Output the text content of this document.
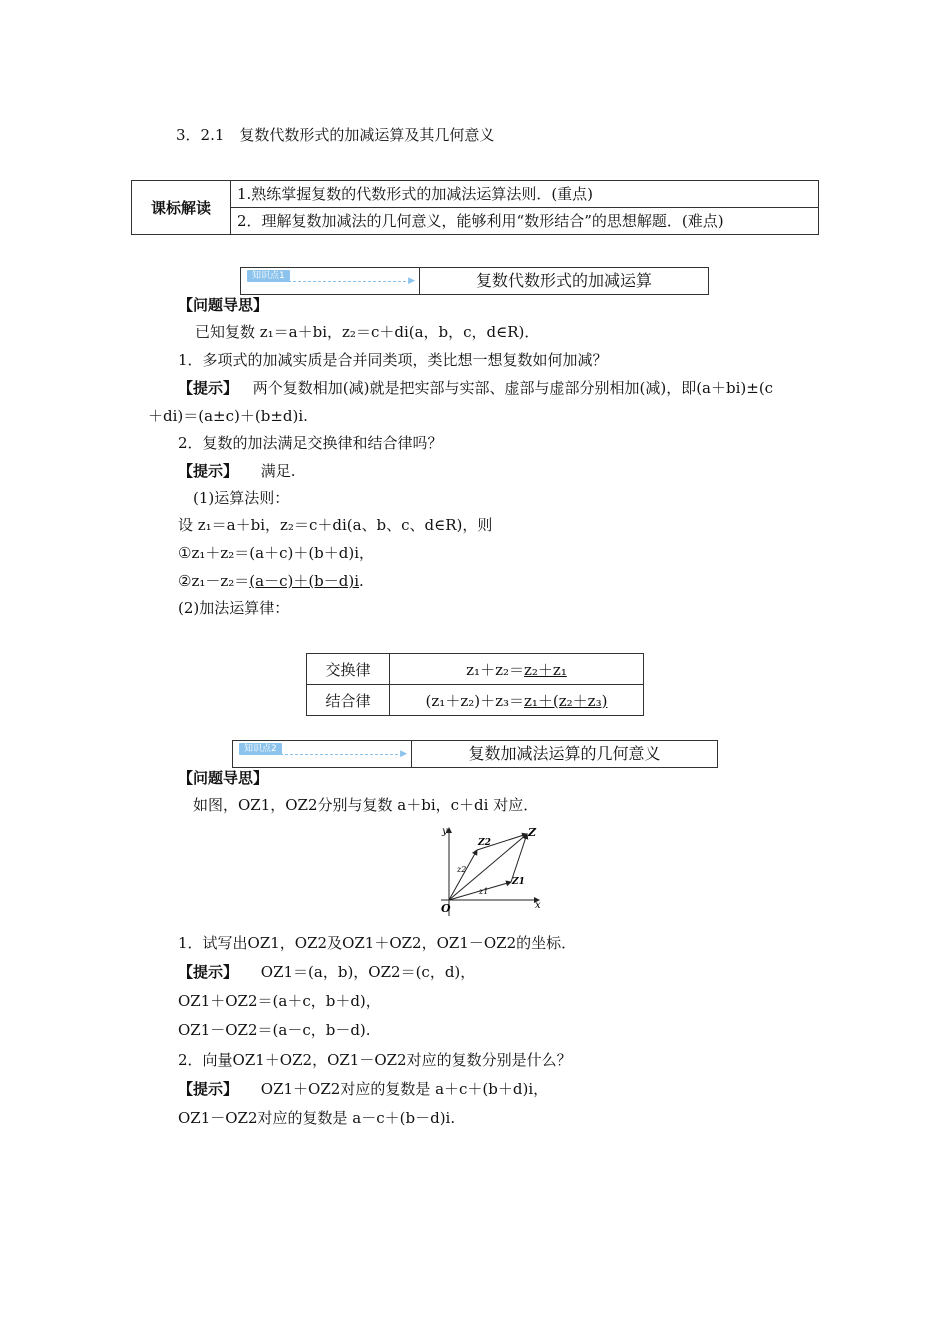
3．2.1　复数代数形式的加减运算及其几何意义
课标解读	1.熟练掌握复数的代数形式的加减法运算法则．(重点)
2．理解复数加减法的几何意义，能够利用“数形结合”的思想解题．(难点)
知识点1	▶	复数代数形式的加减运算
【问题导思】
已知复数 z₁＝a＋bi，z₂＝c＋di(a，b，c，d∈R)．
1．多项式的加减实质是合并同类项，类比想一想复数如何加减？
【提示】 两个复数相加(减)就是把实部与实部、虚部与虚部分别相加(减)，即(a＋bi)±(c
＋di)＝(a±c)＋(b±d)i.
2．复数的加法满足交换律和结合律吗？
【提示】 满足.
(1)运算法则：
设 z₁＝a＋bi，z₂＝c＋di(a、b、c、d∈R)，则
①z₁＋z₂＝(a＋c)＋(b＋d)i，
②z₁－z₂＝(a－c)＋(b－d)i.
(2)加法运算律：
交换律	z₁＋z₂＝z₂＋z₁
结合律	(z₁＋z₂)＋z₃＝z₁＋(z₂＋z₃)
知识点2	▶	复数加减法运算的几何意义
【问题导思】
如图，OZ1，OZ2分别与复数 a＋bi，c＋di 对应．
y
x
O
Z
Z1
Z2
z1
z2
1．试写出OZ1，OZ2及OZ1＋OZ2，OZ1－OZ2的坐标．
【提示】 OZ1＝(a，b)，OZ2＝(c，d)，
OZ1＋OZ2＝(a＋c，b＋d)，
OZ1－OZ2＝(a－c，b－d).
2．向量OZ1＋OZ2，OZ1－OZ2对应的复数分别是什么？
【提示】 OZ1＋OZ2对应的复数是 a＋c＋(b＋d)i，
OZ1－OZ2对应的复数是 a－c＋(b－d)i.
